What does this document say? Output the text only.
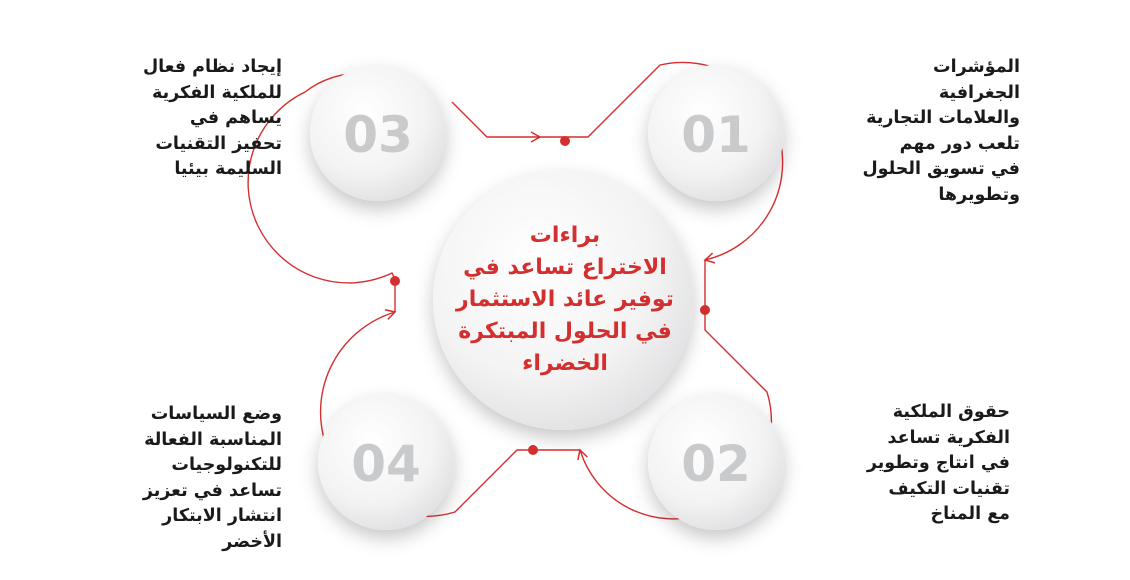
03	01
04	02
براءات
الاختراع تساعد في
توفير عائد الاستثمار
في الحلول المبتكرة
الخضراء
المؤشرات
الجغرافية
والعلامات التجارية
تلعب دور مهم
في تسويق الحلول
وتطويرها
حقوق الملكية
الفكرية تساعد
في انتاج وتطوير
تقنيات التكيف
مع المناخ
إيجاد نظام فعال
للملكية الفكرية
يساهم في
تحفيز التقنيات
السليمة بيئيا
وضع السياسات
المناسبة الفعالة
للتكنولوجيات
تساعد في تعزيز
انتشار الابتكار
الأخضر
